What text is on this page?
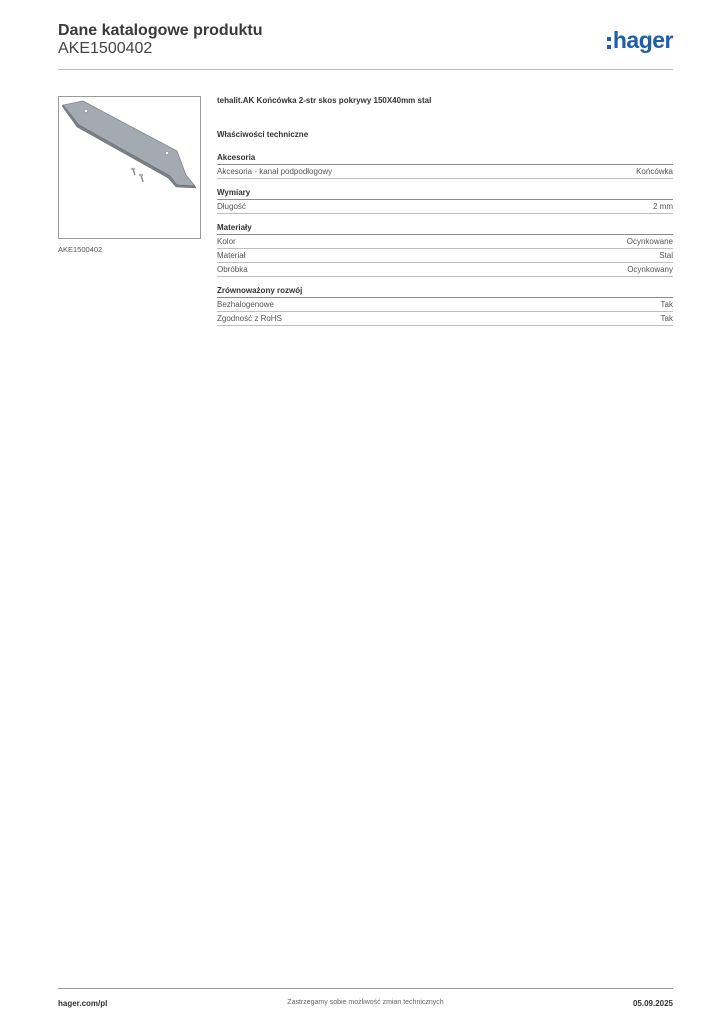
Dane katalogowe produktu
AKE1500402	hager
AKE1500402
tehalit.AK Końcówka 2-str skos pokrywy 150X40mm stal
Właściwości techniczne
Akcesoria
Akcesoria - kanał podpodłogowy	Końcówka
Wymiary
Długość	2 mm
Materiały
Kolor	Ocynkowane
Materiał	Stal
Obróbka	Ocynkowany
Zrównoważony rozwój
Bezhalogenowe	Tak
Zgodność z RoHS	Tak
hager.com/pl	Zastrzegamy sobie możliwość zmian technicznych	05.09.2025
